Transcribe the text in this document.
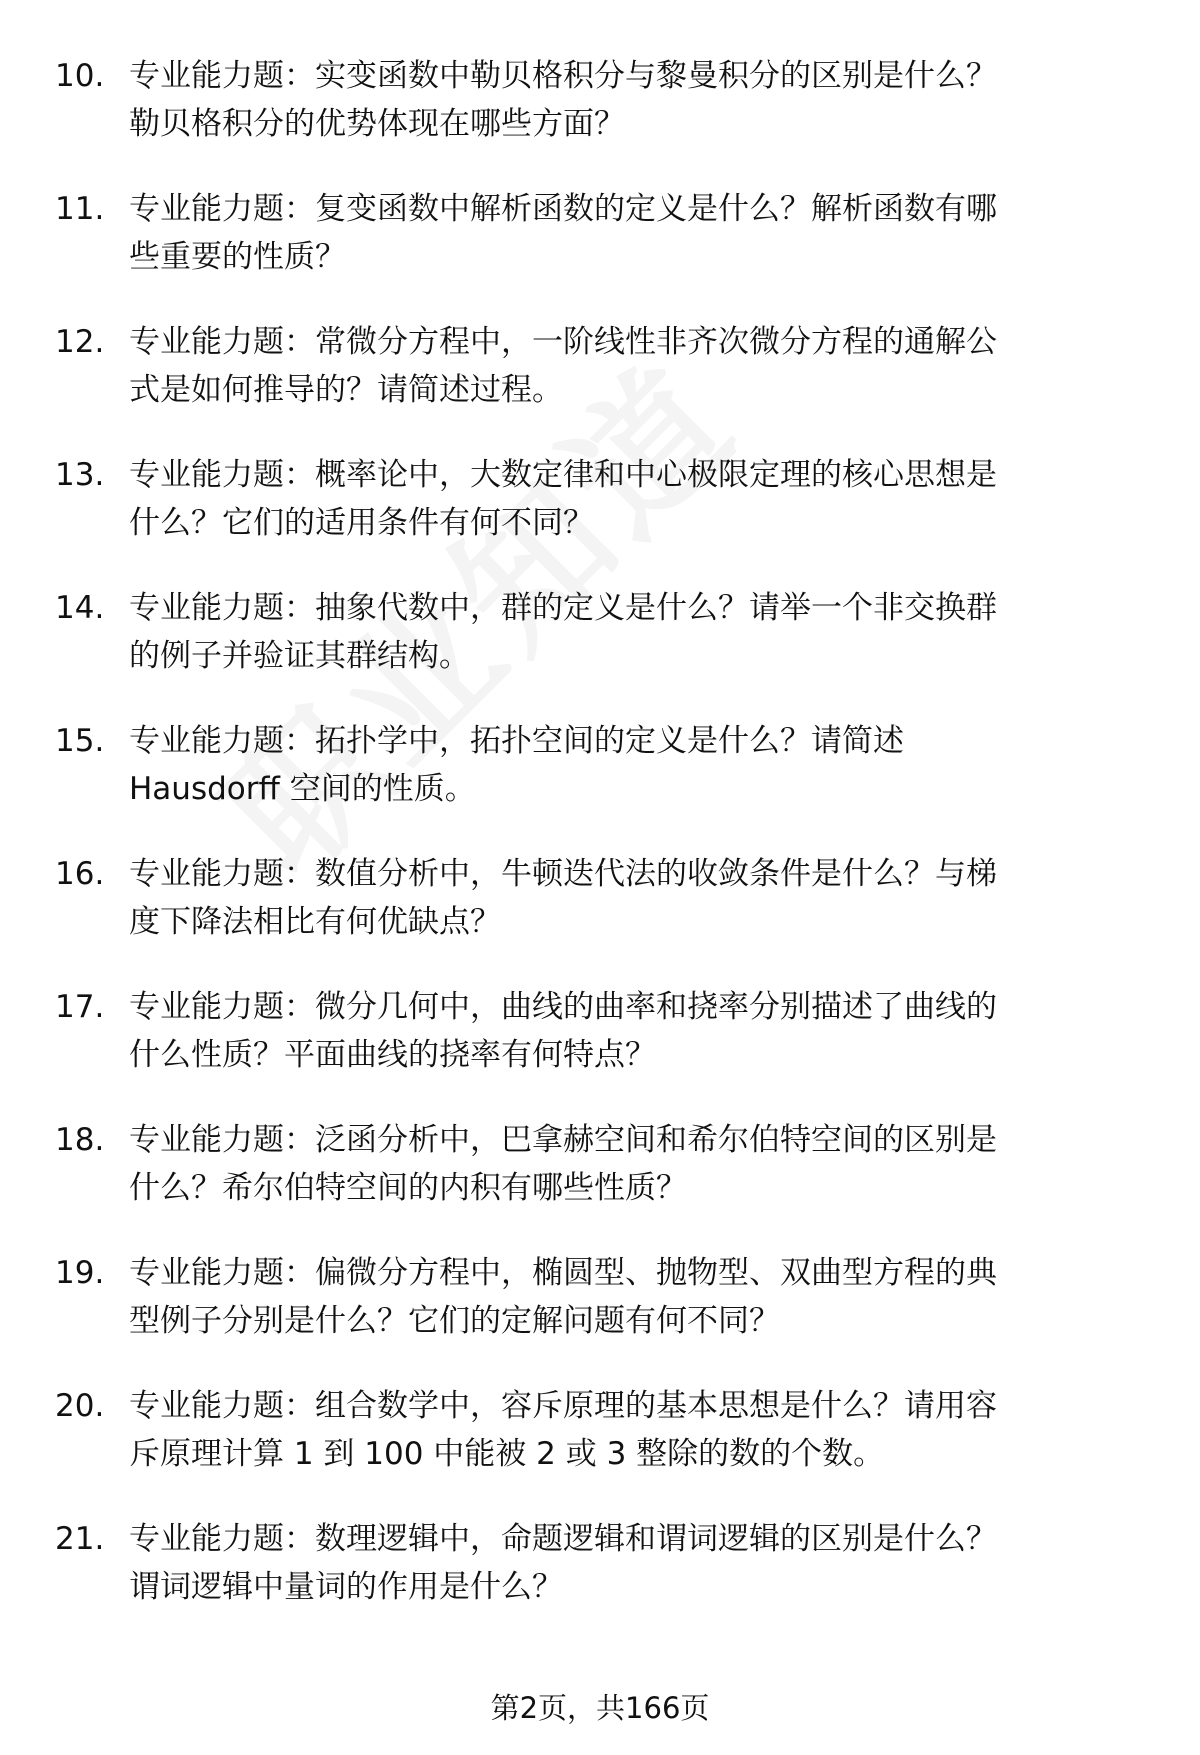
10. 专业能力题：实变函数中勒贝格积分与黎曼积分的区别是什么？
勒贝格积分的优势体现在哪些方面？
11. 专业能力题：复变函数中解析函数的定义是什么？解析函数有哪
些重要的性质？
12. 专业能力题：常微分方程中，一阶线性非齐次微分方程的通解公
式是如何推导的？请简述过程。
13. 专业能力题：概率论中，大数定律和中心极限定理的核心思想是
什么？它们的适用条件有何不同？
14. 专业能力题：抽象代数中，群的定义是什么？请举一个非交换群
的例子并验证其群结构。
15. 专业能力题：拓扑学中，拓扑空间的定义是什么？请简述
Hausdorff 空间的性质。
16. 专业能力题：数值分析中，牛顿迭代法的收敛条件是什么？与梯
度下降法相比有何优缺点？
17. 专业能力题：微分几何中，曲线的曲率和挠率分别描述了曲线的
什么性质？平面曲线的挠率有何特点？
18. 专业能力题：泛函分析中，巴拿赫空间和希尔伯特空间的区别是
什么？希尔伯特空间的内积有哪些性质？
19. 专业能力题：偏微分方程中，椭圆型、抛物型、双曲型方程的典
型例子分别是什么？它们的定解问题有何不同？
20. 专业能力题：组合数学中，容斥原理的基本思想是什么？请用容
斥原理计算 1 到 100 中能被 2 或 3 整除的数的个数。
21. 专业能力题：数理逻辑中，命题逻辑和谓词逻辑的区别是什么？
谓词逻辑中量词的作用是什么？
第2页，共166页
